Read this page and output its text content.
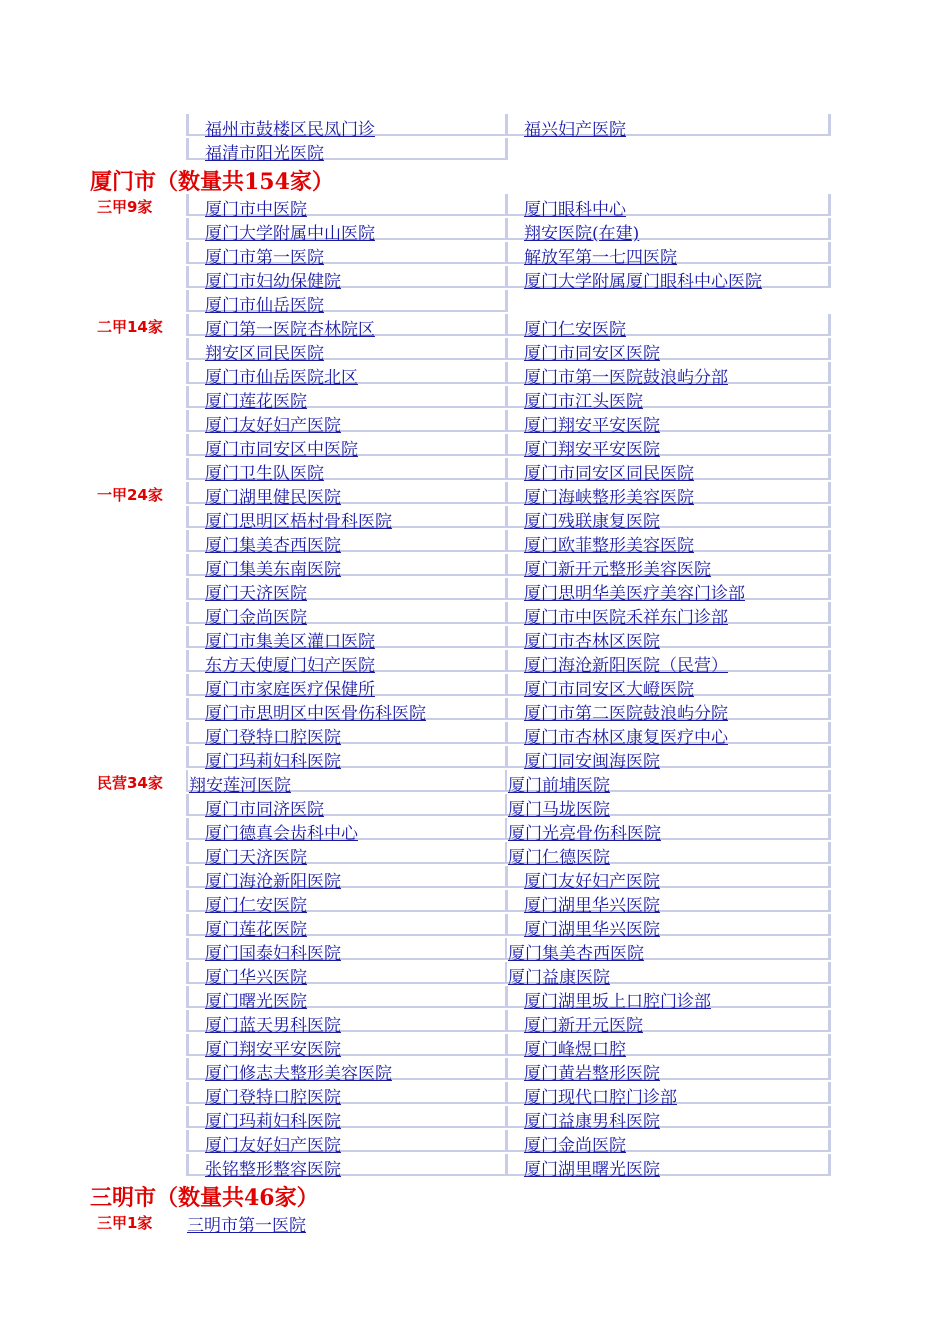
福州市鼓楼区民凤门诊	福兴妇产医院
福清市阳光医院
厦门市（数量共154家）
三甲9家	厦门市中医院	厦门眼科中心
厦门大学附属中山医院	翔安医院(在建)
厦门市第一医院	解放军第一七四医院
厦门市妇幼保健院	厦门大学附属厦门眼科中心医院
厦门市仙岳医院
二甲14家	厦门第一医院杏林院区	厦门仁安医院
翔安区同民医院	厦门市同安区医院
厦门市仙岳医院北区	厦门市第一医院鼓浪屿分部
厦门莲花医院	厦门市江头医院
厦门友好妇产医院	厦门翔安平安医院
厦门市同安区中医院	厦门翔安平安医院
厦门卫生队医院	厦门市同安区同民医院
一甲24家	厦门湖里健民医院	厦门海峡整形美容医院
厦门思明区梧村骨科医院	厦门残联康复医院
厦门集美杏西医院	厦门欧菲整形美容医院
厦门集美东南医院	厦门新开元整形美容医院
厦门天济医院	厦门思明华美医疗美容门诊部
厦门金尚医院	厦门市中医院禾祥东门诊部
厦门市集美区灌口医院	厦门市杏林区医院
东方天使厦门妇产医院	厦门海沧新阳医院（民营）
厦门市家庭医疗保健所	厦门市同安区大嶝医院
厦门市思明区中医骨伤科医院	厦门市第二医院鼓浪屿分院
厦门登特口腔医院	厦门市杏林区康复医疗中心
厦门玛莉妇科医院	厦门同安闽海医院
民营34家	翔安莲河医院	厦门前埔医院
厦门市同济医院	厦门马垅医院
厦门德真会齿科中心	厦门光亮骨伤科医院
厦门天济医院	厦门仁德医院
厦门海沧新阳医院	厦门友好妇产医院
厦门仁安医院	厦门湖里华兴医院
厦门莲花医院	厦门湖里华兴医院
厦门国泰妇科医院	厦门集美杏西医院
厦门华兴医院	厦门益康医院
厦门曙光医院	厦门湖里坂上口腔门诊部
厦门蓝天男科医院	厦门新开元医院
厦门翔安平安医院	厦门峰煜口腔
厦门修志夫整形美容医院	厦门黄岩整形医院
厦门登特口腔医院	厦门现代口腔门诊部
厦门玛莉妇科医院	厦门益康男科医院
厦门友好妇产医院	厦门金尚医院
张铭整形整容医院	厦门湖里曙光医院
三明市（数量共46家）
三甲1家	三明市第一医院
